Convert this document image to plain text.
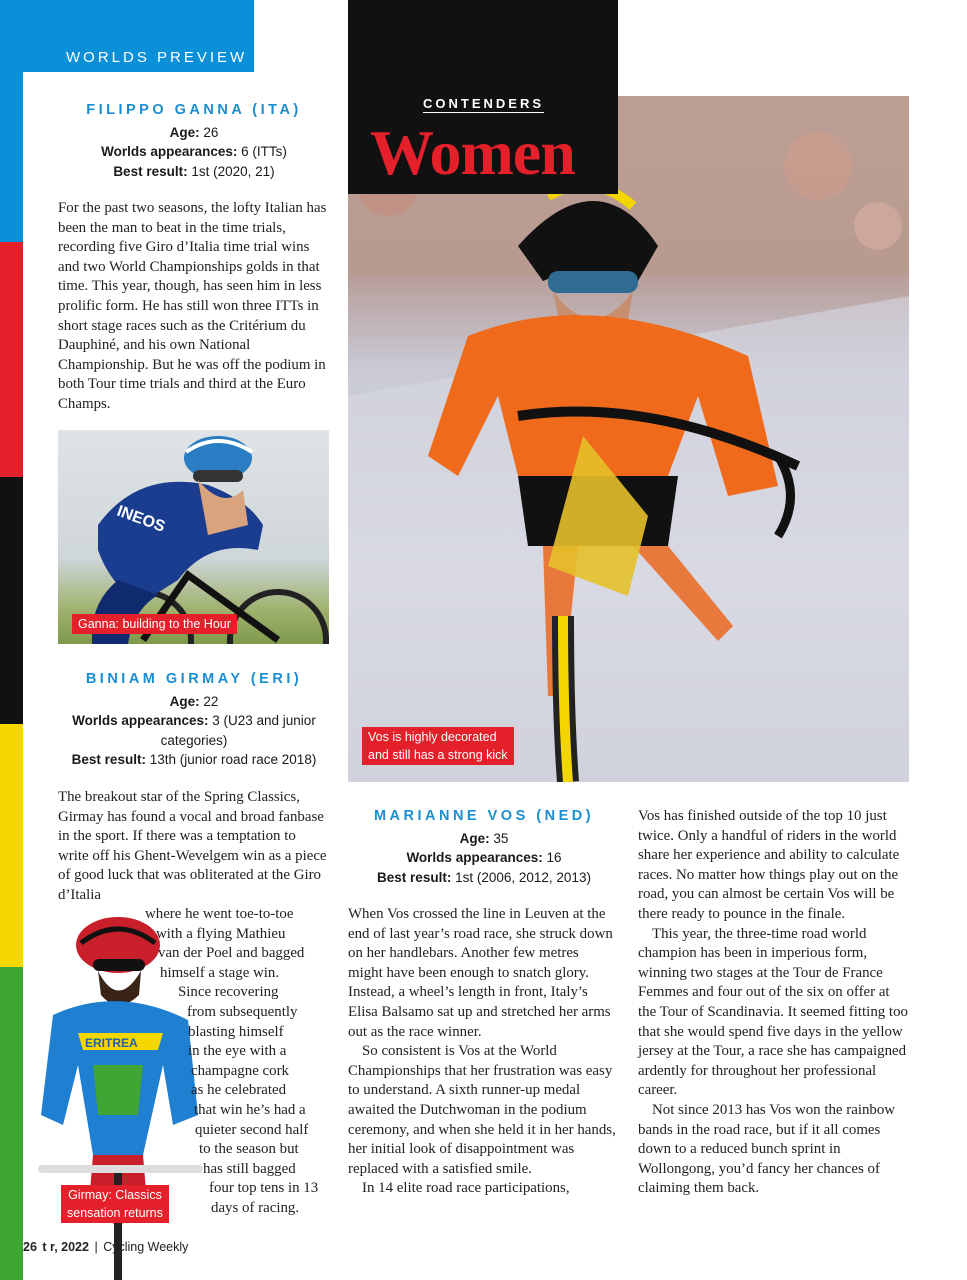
WORLDS PREVIEW
FILIPPO GANNA (ITA)
Age: 26
Worlds appearances: 6 (ITTs)
Best result: 1st (2020, 21)

For the past two seasons, the lofty Italian has been the man to beat in the time trials, recording five Giro d’Italia time trial wins and two World Championships golds in that time. This year, though, has seen him in less prolific form. He has still won three ITTs in short stage races such as the Critérium du Dauphiné, and his own National Championship. But he was off the podium in both Tour time trials and third at the Euro Champs.

INEOS
Ganna: building to the Hour
BINIAM GIRMAY (ERI)
Age: 22
Worlds appearances: 3 (U23 and junior categories)
Best result: 13th (junior road race 2018)

The breakout star of the Spring Classics, Girmay has found a vocal and broad fanbase in the sport. If there was a temptation to write off his Ghent-Wevelgem win as a piece of good luck that was obliterated at the Giro d’Italia

ERITREA
Girmay: Classics
sensation returns
where he went toe-to-toe
with a flying Mathieu
van der Poel and bagged
himself a stage win.
Since recovering
from subsequently
blasting himself
in the eye with a
champagne cork
as he celebrated
that win he’s had a
quieter second half
to the season but
has still bagged
four top tens in 13
days of racing.
CONTENDERS
Women
Vos is highly decorated
and still has a strong kick
MARIANNE VOS (NED)
Age: 35
Worlds appearances: 16
Best result: 1st (2006, 2012, 2013)

When Vos crossed the line in Leuven at the end of last year’s road race, she struck down on her handlebars. Another few metres might have been enough to snatch glory. Instead, a wheel’s length in front, Italy’s Elisa Balsamo sat up and stretched her arms out as the race winner.

So consistent is Vos at the World Championships that her frustration was easy to understand. A sixth runner-up medal awaited the Dutchwoman in the podium ceremony, and when she held it in her hands, her initial look of disappointment was replaced with a satisfied smile.

In 14 elite road race participations,

Vos has finished outside of the top 10 just twice. Only a handful of riders in the world share her experience and ability to calculate races. No matter how things play out on the road, you can almost be certain Vos will be there ready to pounce in the finale.

This year, the three-time road world champion has been in imperious form, winning two stages at the Tour de France Femmes and four out of the six on offer at the Tour of Scandinavia. It seemed fitting too that she would spend five days in the yellow jersey at the Tour, a race she has campaigned ardently for throughout her professional career.

Not since 2013 has Vos won the rainbow bands in the road race, but if it all comes down to a reduced bunch sprint in Wollongong, you’d fancy her chances of claiming them back.

26 t r, 2022 | Cycling Weekly
